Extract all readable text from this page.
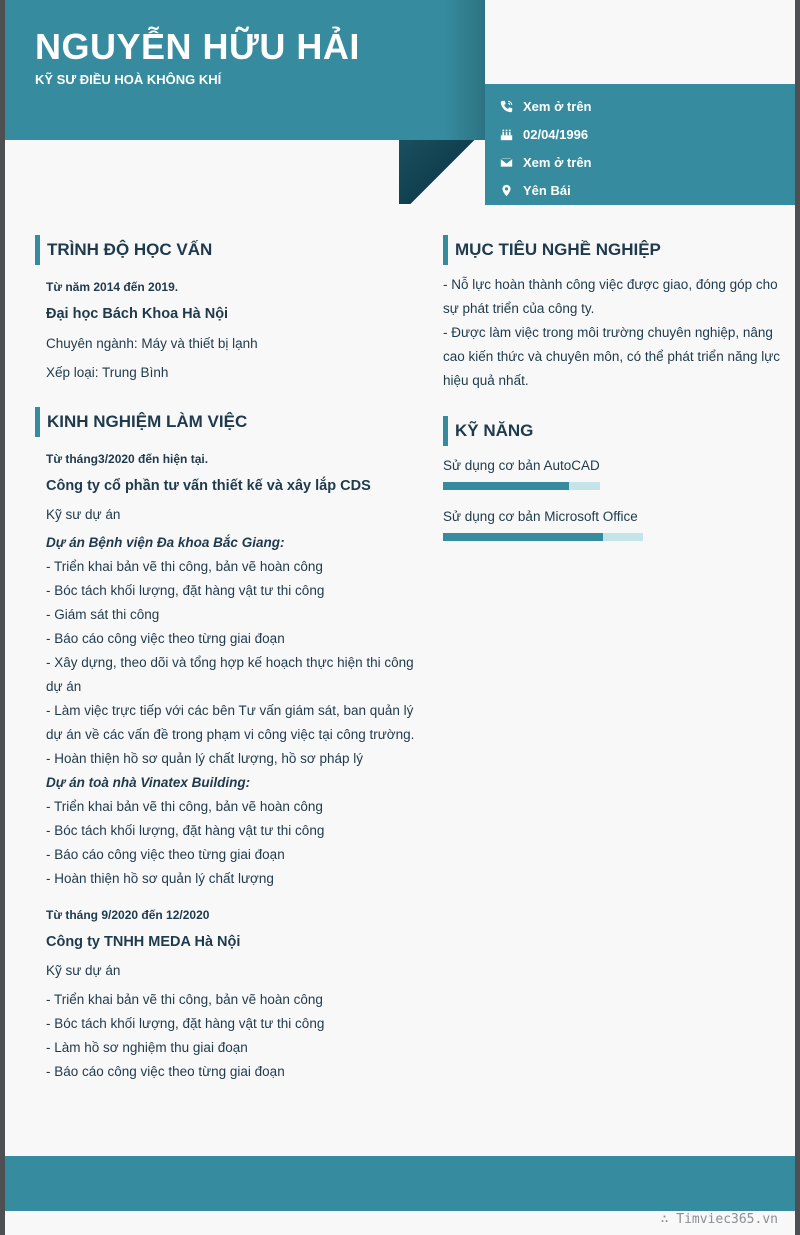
NGUYỄN HỮU HẢI
KỸ SƯ ĐIỀU HOÀ KHÔNG KHÍ
Xem ở trên
02/04/1996
Xem ở trên
Yên Bái
TRÌNH ĐỘ HỌC VẤN
Từ năm 2014 đến 2019.
Đại học Bách Khoa Hà Nội
Chuyên ngành: Máy và thiết bị lạnh
Xếp loại: Trung Bình
KINH NGHIỆM LÀM VIỆC
Từ tháng3/2020 đến hiện tại.
Công ty cổ phần tư vấn thiết kế và xây lắp CDS
Kỹ sư dự án
Dự án Bệnh viện Đa khoa Bắc Giang:
- Triển khai bản vẽ thi công, bản vẽ hoàn công
- Bóc tách khối lượng, đặt hàng vật tư thi công
- Giám sát thi công
- Báo cáo công việc theo từng giai đoạn
- Xây dựng, theo dõi và tổng hợp kế hoạch thực hiện thi công dự án
- Làm việc trực tiếp với các bên Tư vấn giám sát, ban quản lý dự án về các vấn đề trong phạm vi công việc tại công trường.
- Hoàn thiện hồ sơ quản lý chất lượng, hồ sơ pháp lý
Dự án toà nhà Vinatex Building:
- Triển khai bản vẽ thi công, bản vẽ hoàn công
- Bóc tách khối lượng, đặt hàng vật tư thi công
- Báo cáo công việc theo từng giai đoạn
- Hoàn thiện hồ sơ quản lý chất lượng
Từ tháng 9/2020 đến 12/2020
Công ty TNHH MEDA Hà Nội
Kỹ sư dự án
- Triển khai bản vẽ thi công, bản vẽ hoàn công
- Bóc tách khối lượng, đặt hàng vật tư thi công
- Làm hồ sơ nghiệm thu giai đoạn
- Báo cáo công việc theo từng giai đoạn
MỤC TIÊU NGHỀ NGHIỆP
- Nỗ lực hoàn thành công việc được giao, đóng góp cho sự phát triển của công ty.
- Được làm việc trong môi trường chuyên nghiệp, nâng cao kiến thức và chuyên môn, có thể phát triển năng lực hiệu quả nhất.
KỸ NĂNG
Sử dụng cơ bản AutoCAD
Sử dụng cơ bản Microsoft Office
∴ Timviec365.vn
